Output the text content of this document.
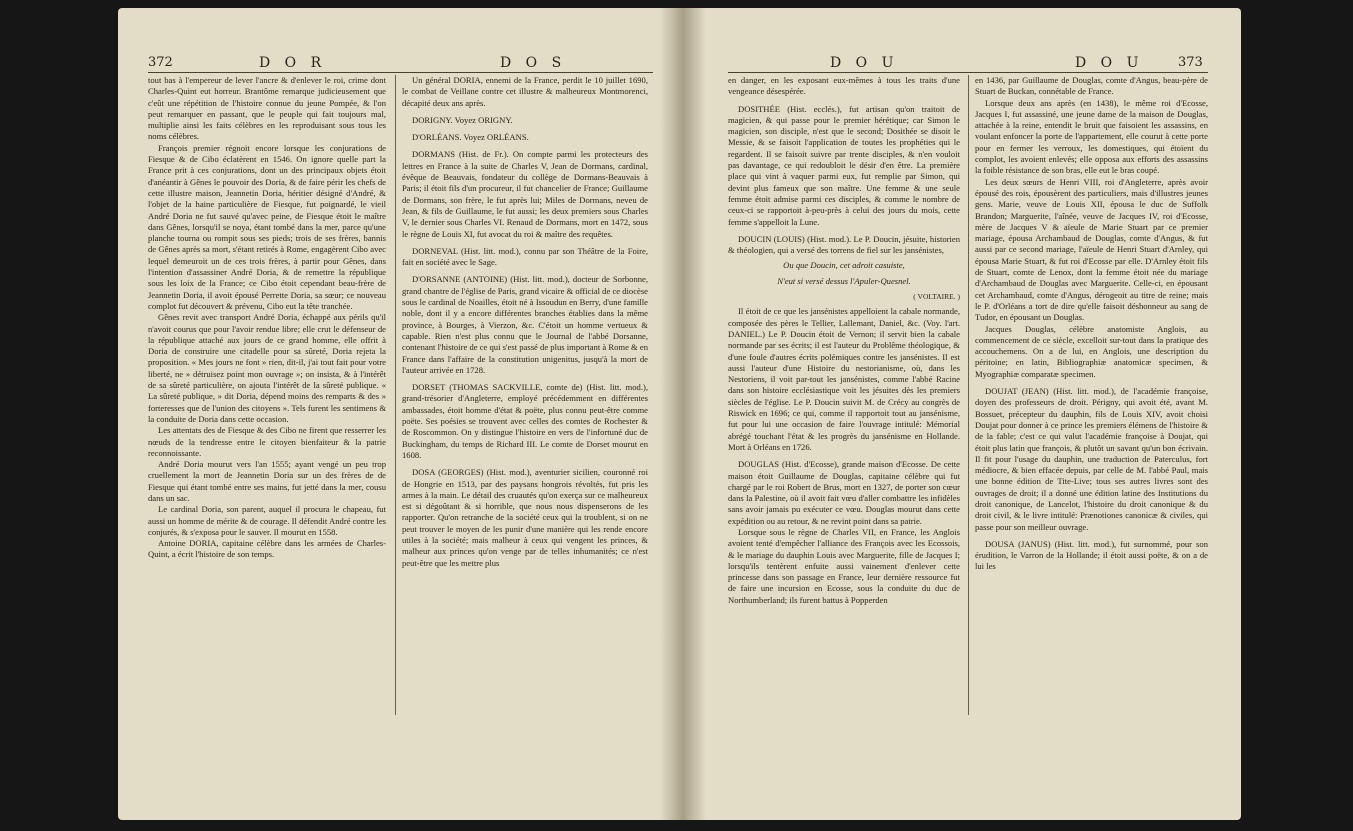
372	D O R	D O S

tout bas à l'empereur de lever l'ancre & d'enlever le roi, crime dont Charles-Quint eut horreur. Brantôme remarque judicieusement que c'eût une répétition de l'histoire connue du jeune Pompée, & l'on peut remarquer en passant, que le peuple qui fait toujours mal, multiplie ainsi les faits célèbres en les reproduisant sous tous les noms célèbres.

François premier régnoit encore lorsque les conjurations de Fiesque & de Cibo éclatèrent en 1546. On ignore quelle part la France prit à ces conjurations, dont un des principaux objets étoit d'anéantir à Gênes le pouvoir des Doria, & de faire périr les chefs de cette illustre maison, Jeannetin Doria, héritier désigné d'André, & l'objet de la haine particulière de Fiesque, fut poignardé, le vieil André Doria ne fut sauvé qu'avec peine, de Fiesque étoit le maître dans Gênes, lorsqu'il se noya, étant tombé dans la mer, parce qu'une planche tourna ou rompit sous ses pieds; trois de ses frères, bannis de Gênes après sa mort, s'étant retirés à Rome, engagèrent Cibo avec lequel demeuroit un de ces trois frères, à partir pour Gênes, dans l'intention d'assassiner André Doria, & de remettre la république sous les loix de la France; ce Cibo étoit cependant beau-frère de Jeannetin Doria, il avoit épousé Perrette Doria, sa sœur; ce nouveau complot fut découvert & prévenu, Cibo eut la tête tranchée.

Gênes revit avec transport André Doria, échappé aux périls qu'il n'avoit courus que pour l'avoir rendue libre; elle crut le défenseur de la république attaché aux jours de ce grand homme, elle offrit à Doria de construire une citadelle pour sa sûreté, Doria rejeta la proposition. « Mes jours ne font » rien, dit-il, j'ai tout fait pour votre liberté, ne » détruisez point mon ouvrage »; on insista, & à l'intérêt de sa sûreté particulière, on ajouta l'intérêt de la sûreté publique. « La sûreté publique, » dit Doria, dépend moins des remparts & des » forteresses que de l'union des citoyens ». Tels furent les sentimens & la conduite de Doria dans cette occasion.

Les attentats des de Fiesque & des Cibo ne firent que resserrer les nœuds de la tendresse entre le citoyen bienfaiteur & la patrie reconnoissante.

André Doria mourut vers l'an 1555; ayant vengé un peu trop cruellement la mort de Jeannetin Doria sur un des frères de de Fiesque qui étant tombé entre ses mains, fut jetté dans la mer, cousu dans un sac.

Le cardinal Doria, son parent, auquel il procura le chapeau, fut aussi un homme de mérite & de courage. Il défendit André contre les conjurés, & s'exposa pour le sauver. Il mourut en 1558.

Antoine DORIA, capitaine célèbre dans les armées de Charles-Quint, a écrit l'histoire de son temps.

Un général DORIA, ennemi de la France, perdit le 10 juillet 1690, le combat de Veillane contre cet illustre & malheureux Montmorenci, décapité deux ans après.

DORIGNY. Voyez ORIGNY.

D'ORLÉANS. Voyez ORLÉANS.

DORMANS (Hist. de Fr.). On compte parmi les protecteurs des lettres en France à la suite de Charles V, Jean de Dormans, cardinal, évêque de Beauvais, fondateur du collège de Dormans-Beauvais à Paris; il étoit fils d'un procureur, il fut chancelier de France; Guillaume de Dormans, son frère, le fut après lui; Miles de Dormans, neveu de Jean, & fils de Guillaume, le fut aussi; les deux premiers sous Charles V, le dernier sous Charles VI. Renaud de Dormans, mort en 1472, sous le règne de Louis XI, fut avocat du roi & maître des requêtes.

DORNEVAL (Hist. litt. mod.), connu par son Théâtre de la Foire, fait en société avec le Sage.

D'ORSANNE (ANTOINE) (Hist. litt. mod.), docteur de Sorbonne, grand chantre de l'église de Paris, grand vicaire & official de ce diocèse sous le cardinal de Noailles, étoit né à Issoudun en Berry, d'une famille noble, dont il y a encore différentes branches établies dans la même province, à Bourges, à Vierzon, &c. C'étoit un homme vertueux & capable. Rien n'est plus connu que le Journal de l'abbé Dorsanne, contenant l'histoire de ce qui s'est passé de plus important à Rome & en France dans l'affaire de la constitution unigenitus, jusqu'à la mort de l'auteur arrivée en 1728.

DORSET (THOMAS SACKVILLE, comte de) (Hist. litt. mod.), grand-trésorier d'Angleterre, employé précédemment en différentes ambassades, étoit homme d'état & poëte, plus connu peut-être comme poëte. Ses poésies se trouvent avec celles des comtes de Rochester & de Roscommon. On y distingue l'histoire en vers de l'infortuné duc de Buckingham, du temps de Richard III. Le comte de Dorset mourut en 1608.

DOSA (GEORGES) (Hist. mod.), aventurier sicilien, couronné roi de Hongrie en 1513, par des paysans hongrois révoltés, fut pris les armes à la main. Le détail des cruautés qu'on exerça sur ce malheureux est si dégoûtant & si horrible, que nous nous dispenserons de les rapporter. Qu'on retranche de la société ceux qui la troublent, si on ne peut trouver le moyen de les punir d'une manière qui les rende encore utiles à la société; mais malheur à ceux qui vengent les princes, & malheur aux princes qu'on venge par de telles inhumanités; ce n'est peut-être que les mettre plus

D O U	D O U	373

en danger, en les exposant eux-mêmes à tous les traits d'une vengeance désespérée.

DOSITHÉE (Hist. ecclés.), fut artisan qu'on traitoit de magicien, & qui passe pour le premier hérétique; car Simon le magicien, son disciple, n'est que le second; Dosithée se disoit le Messie, & se faisoit l'application de toutes les prophéties qui le regardent. Il se faisoit suivre par trente disciples, & n'en vouloit pas davantage, ce qui redoubloit le désir d'en être. La première place qui vint à vaquer parmi eux, fut remplie par Simon, qui devint plus fameux que son maître. Une femme & une seule femme étoit admise parmi ces disciples, & comme le nombre de ceux-ci se rapportoit à-peu-près à celui des jours du mois, cette femme s'appelloit la Lune.

DOUCIN (LOUIS) (Hist. mod.). Le P. Doucin, jésuite, historien & théologien, qui a versé des torrens de fiel sur les jansénistes,

Ou que Doucin, cet adroit casuiste,

N'eut si versé dessus l'Apuler-Quesnel.

( VOLTAIRE. )

Il étoit de ce que les jansénistes appelloient la cabale normande, composée des pères le Tellier, Lallemant, Daniel, &c. (Voy. l'art. DANIEL.) Le P. Doucin étoit de Vernon; il servit bien la cabale normande par ses écrits; il est l'auteur du Problême théologique, & d'une foule d'autres écrits polémiques contre les jansénistes. Il est aussi l'auteur d'une Histoire du nestorianisme, où, dans les Nestoriens, il voit par-tout les jansénistes, comme l'abbé Racine dans son histoire ecclésiastique voit les jésuites dès les premiers siècles de l'église. Le P. Doucin suivit M. de Crécy au congrès de Riswick en 1696; ce qui, comme il rapportoit tout au jansénisme, fut pour lui une occasion de faire l'ouvrage intitulé: Mémorial abrégé touchant l'état & les progrès du jansénisme en Hollande. Mort à Orléans en 1726.

DOUGLAS (Hist. d'Ecosse), grande maison d'Ecosse. De cette maison étoit Guillaume de Douglas, capitaine célèbre qui fut chargé par le roi Robert de Brus, mort en 1327, de porter son cœur dans la Palestine, où il avoit fait vœu d'aller combattre les infidèles sans avoir jamais pu exécuter ce vœu. Douglas mourut dans cette expédition ou au retour, & ne revint point dans sa patrie.

Lorsque sous le règne de Charles VII, en France, les Anglois avoient tenté d'empêcher l'alliance des François avec les Ecossois, & le mariage du dauphin Louis avec Marguerite, fille de Jacques I; lorsqu'ils tentèrent enfuite aussi vainement d'enlever cette princesse dans son passage en France, leur dernière ressource fut de faire une incursion en Ecosse, sous la conduite du duc de Northumberland; ils furent battus à Popperden

en 1436, par Guillaume de Douglas, comte d'Angus, beau-père de Stuart de Buckan, connétable de France.

Lorsque deux ans après (en 1438), le même roi d'Ecosse, Jacques I, fut assassiné, une jeune dame de la maison de Douglas, attachée à la reine, entendit le bruit que faisoient les assassins, en voulant enfoncer la porte de l'appartement, elle courut à cette porte pour en fermer les verroux, les domestiques, qui étoient du complot, les avoient enlevés; elle opposa aux efforts des assassins la foible résistance de son bras, elle eut le bras coupé.

Les deux sœurs de Henri VIII, roi d'Angleterre, après avoir épousé des rois, épousèrent des particuliers, mais d'illustres jeunes gens. Marie, veuve de Louis XII, épousa le duc de Suffolk Brandon; Marguerite, l'aînée, veuve de Jacques IV, roi d'Ecosse, mère de Jacques V & aïeule de Marie Stuart par ce premier mariage, épousa Archambaud de Douglas, comte d'Angus, & fut aussi par ce second mariage, l'aïeule de Henri Stuart d'Arnley, qui épousa Marie Stuart, & fut roi d'Ecosse par elle. D'Arnley étoit fils de Stuart, comte de Lenox, dont la femme étoit née du mariage d'Archambaud de Douglas avec Marguerite. Celle-ci, en épousant cet Archambaud, comte d'Angus, dérogeoit au titre de reine; mais le P. d'Orléans a tort de dire qu'elle faisoit déshonneur au sang de Tudor, en épousant un Douglas.

Jacques Douglas, célèbre anatomiste Anglois, au commencement de ce siècle, excelloit sur-tout dans la pratique des accouchemens. On a de lui, en Anglois, une description du péritoine; en latin, Bibliographiæ anatomicæ specimen, & Myographiæ comparatæ specimen.

DOUJAT (JEAN) (Hist. litt. mod.), de l'académie françoise, doyen des professeurs de droit. Périgny, qui avoit été, avant M. Bossuet, précepteur du dauphin, fils de Louis XIV, avoit choisi Doujat pour donner à ce prince les premiers élémens de l'histoire & de la fable; c'est ce qui valut l'académie françoise à Doujat, qui étoit plus latin que françois, & plutôt un savant qu'un bon écrivain. Il fit pour l'usage du dauphin, une traduction de Paterculus, fort médiocre, & bien effacée depuis, par celle de M. l'abbé Paul, mais une bonne édition de Tite-Live; tous ses autres livres sont des ouvrages de droit; il a donné une édition latine des Institutions du droit canonique, de Lancelot, l'histoire du droit canonique & du droit civil, & le livre intitulé: Prænotiones canonicæ & civiles, qui passe pour son meilleur ouvrage.

DOUSA (JANUS) (Hist. litt. mod.), fut surnommé, pour son érudition, le Varron de la Hollande; il étoit aussi poëte, & on a de lui les
